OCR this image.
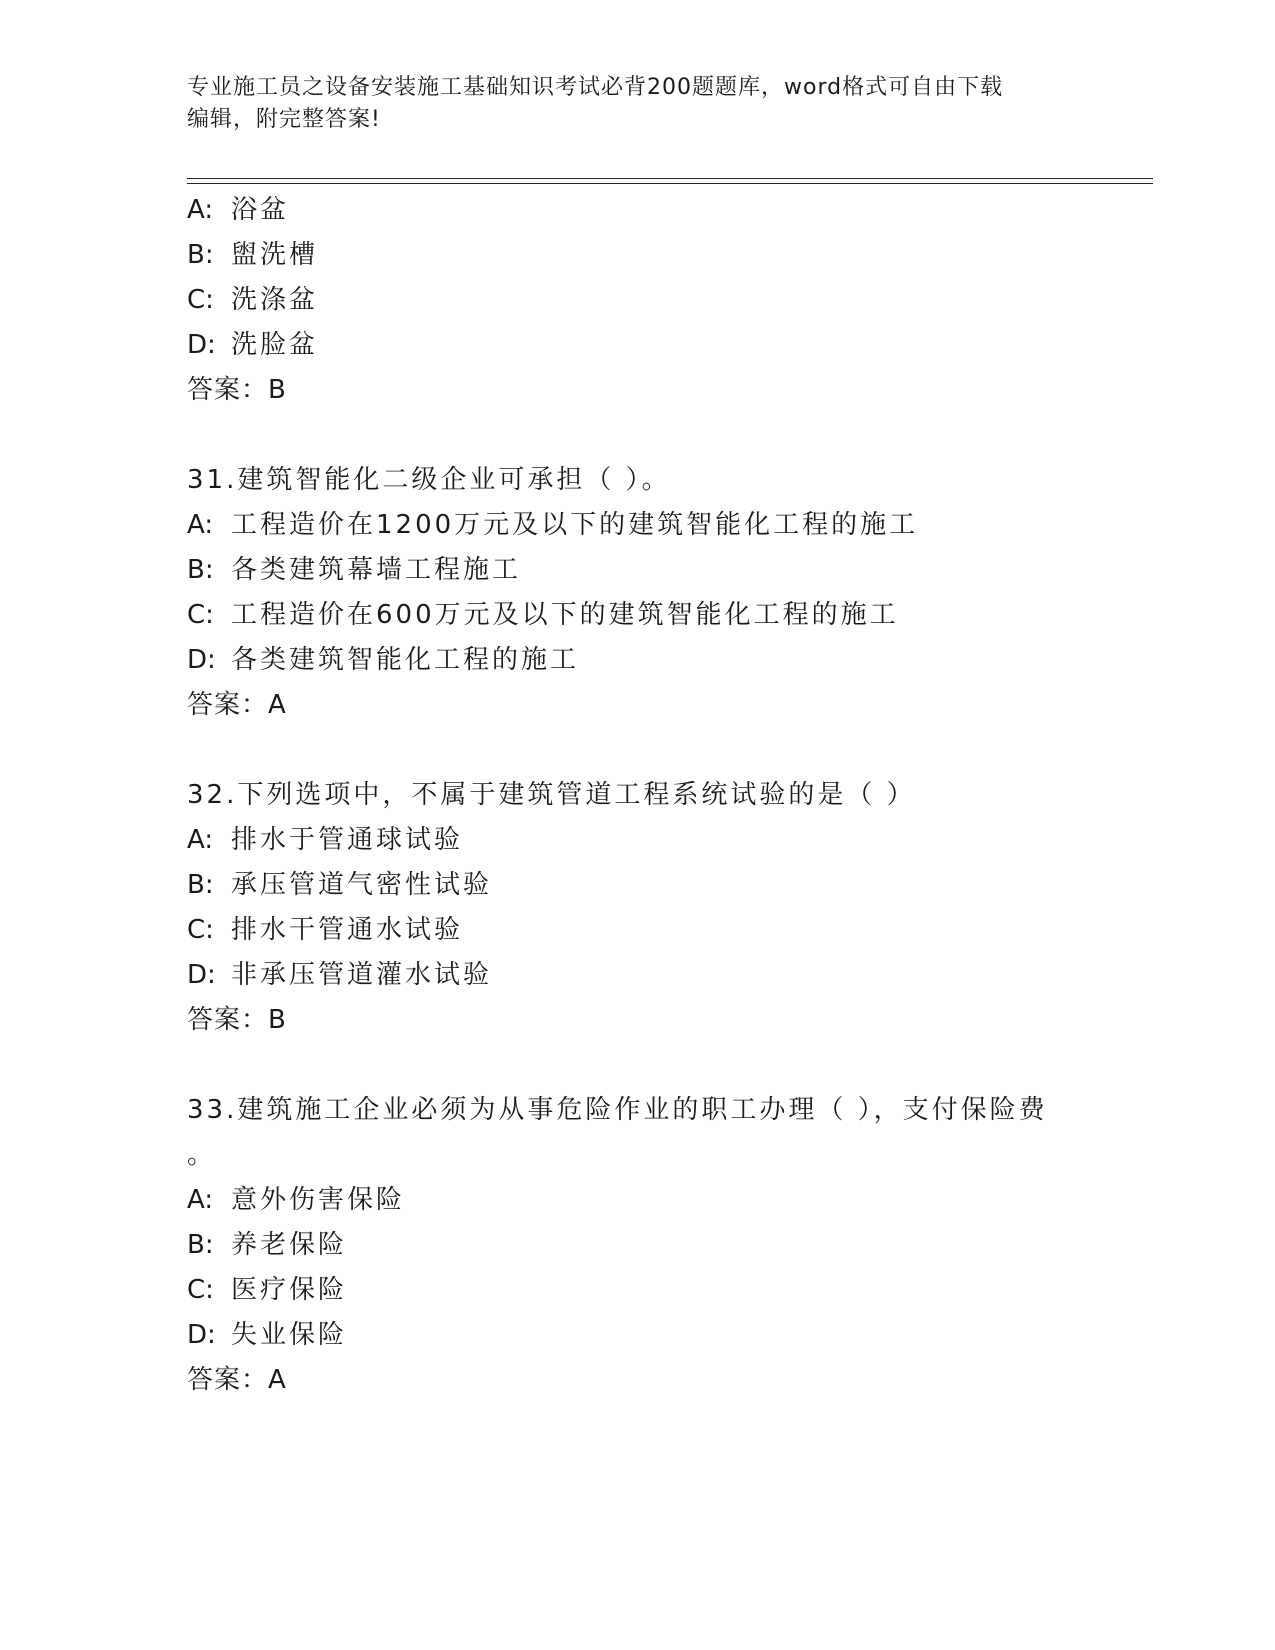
专业施工员之设备安装施工基础知识考试必背200题题库，word格式可自由下载
编辑，附完整答案!
A: 浴盆
B: 盥洗槽
C: 洗涤盆
D: 洗脸盆
答案：B
31.建筑智能化二级企业可承担（ ）。
A: 工程造价在1200万元及以下的建筑智能化工程的施工
B: 各类建筑幕墙工程施工
C: 工程造价在600万元及以下的建筑智能化工程的施工
D: 各类建筑智能化工程的施工
答案：A
32.下列选项中，不属于建筑管道工程系统试验的是（ ）
A: 排水于管通球试验
B: 承压管道气密性试验
C: 排水干管通水试验
D: 非承压管道灌水试验
答案：B
33.建筑施工企业必须为从事危险作业的职工办理（ ），支付保险费
。
A: 意外伤害保险
B: 养老保险
C: 医疗保险
D: 失业保险
答案：A
